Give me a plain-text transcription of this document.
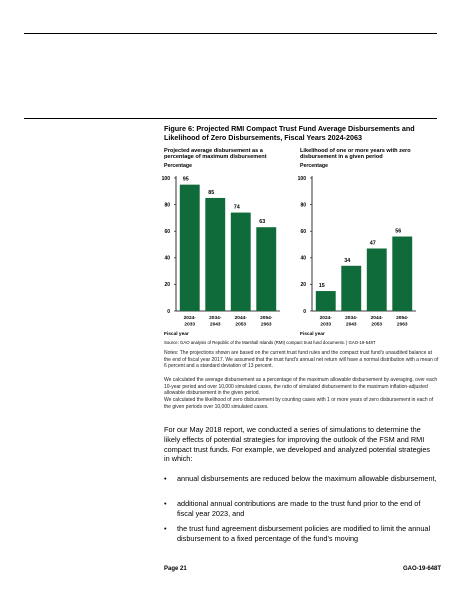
Figure 6: Projected RMI Compact Trust Fund Average Disbursements and Likelihood of Zero Disbursements, Fiscal Years 2024-2063
Projected average disbursement as a percentage of maximum disbursement
Percentage
0
20
40
60
80
100 95
2024-
2033
85
2034-
2043
74
2044-
2053
63
2054-
2063
Fiscal year
Likelihood of one or more years with zero disbursement in a given period
Percentage
0
20
40
60
80
100
15
2024-
2033
34
2034-
2043
47
2044-
2053
56
2054-
2063
Fiscal year
Source: GAO analysis of Republic of the Marshall Islands (RMI) compact trust fund documents. | GAO-19-648T
Notes: The projections shown are based on the current trust fund rules and the compact trust fund's unaudited balance at the end of fiscal year 2017. We assumed that the trust fund's annual net return will have a normal distribution with a mean of 6 percent and a standard deviation of 13 percent.
We calculated the average disbursement as a percentage of the maximum allowable disbursement by averaging, over each 10-year period and over 10,000 simulated cases, the ratio of simulated disbursement to the maximum inflation-adjusted allowable disbursement in the given period.
We calculated the likelihood of zero disbursement by counting cases with 1 or more years of zero disbursement in each of the given periods over 10,000 simulated cases.
For our May 2018 report, we conducted a series of simulations to determine the likely effects of potential strategies for improving the outlook of the FSM and RMI compact trust funds. For example, we developed and analyzed potential strategies in which:
• annual disbursements are reduced below the maximum allowable disbursement,
• additional annual contributions are made to the trust fund prior to the end of fiscal year 2023, and
• the trust fund agreement disbursement policies are modified to limit the annual disbursement to a fixed percentage of the fund's moving
Page 21	GAO-19-648T
